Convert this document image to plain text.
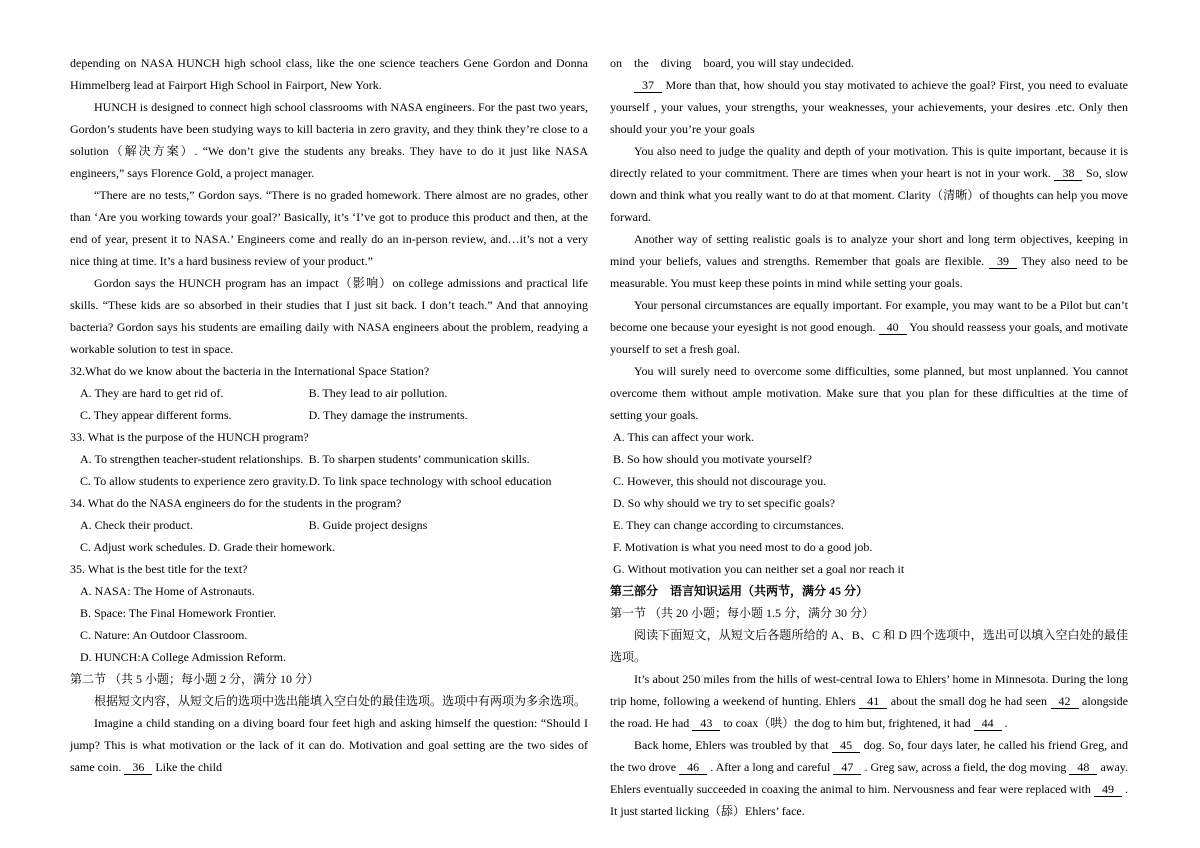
depending on NASA HUNCH high school class, like the one science teachers Gene Gordon and Donna Himmelberg lead at Fairport High School in Fairport, New York.

HUNCH is designed to connect high school classrooms with NASA engineers. For the past two years, Gordon’s students have been studying ways to kill bacteria in zero gravity, and they think they’re close to a solution（解决方案）. “We don’t give the students any breaks. They have to do it just like NASA engineers,” says Florence Gold, a project manager.

“There are no tests,” Gordon says. “There is no graded homework. There almost are no grades, other than ‘Are you working towards your goal?’ Basically, it’s ‘I’ve got to produce this product and then, at the end of year, present it to NASA.’ Engineers come and really do an in-person review, and…it’s not a very nice thing at time. It’s a hard business review of your product.”

Gordon says the HUNCH program has an impact（影响）on college admissions and practical life skills. “These kids are so absorbed in their studies that I just sit back. I don’t teach.” And that annoying bacteria? Gordon says his students are emailing daily with NASA engineers about the problem, readying a workable solution to test in space.

32.What do we know about the bacteria in the International Space Station?

A. They are hard to get rid of.	B. They lead to air pollution.
C. They appear different forms.	D. They damage the instruments.

33. What is the purpose of the HUNCH program?

A. To strengthen teacher-student relationships. B. To sharpen students’ communication skills.
C. To allow students to experience zero gravity. D. To link space technology with school education

34. What do the NASA engineers do for the students in the program?

A. Check their product.	B. Guide project designs

C. Adjust work schedules. D. Grade their homework.

35. What is the best title for the text?

A. NASA: The Home of Astronauts.

B. Space: The Final Homework Frontier.

C. Nature: An Outdoor Classroom.

D. HUNCH:A College Admission Reform.

第二节 （共 5 小题；每小题 2 分，满分 10 分）

根据短文内容，从短文后的选项中选出能填入空白处的最佳选项。选项中有两项为多余选项。

Imagine a child standing on a diving board four feet high and asking himself the question: “Should I jump? This is what motivation or the lack of it can do. Motivation and goal setting are the two sides of same coin. 36 Like the child

on　the　diving　board, you will stay undecided.

37 More than that, how should you stay motivated to achieve the goal? First, you need to evaluate yourself , your values, your strengths, your weaknesses, your achievements, your desires .etc. Only then should your you’re your goals

You also need to judge the quality and depth of your motivation. This is quite important, because it is directly related to your commitment. There are times when your heart is not in your work. 38 So, slow down and think what you really want to do at that moment. Clarity（清晰）of thoughts can help you move forward.

Another way of setting realistic goals is to analyze your short and long term objectives, keeping in mind your beliefs, values and strengths. Remember that goals are flexible. 39 They also need to be measurable. You must keep these points in mind while setting your goals.

Your personal circumstances are equally important. For example, you may want to be a Pilot but can’t become one because your eyesight is not good enough. 40 You should reassess your goals, and motivate yourself to set a fresh goal.

You will surely need to overcome some difficulties, some planned, but most unplanned. You cannot overcome them without ample motivation. Make sure that you plan for these difficulties at the time of setting your goals.

A. This can affect your work.

B. So how should you motivate yourself?

C. However, this should not discourage you.

D. So why should we try to set specific goals?

E. They can change according to circumstances.

F. Motivation is what you need most to do a good job.

G. Without motivation you can neither set a goal nor reach it

第三部分　语言知识运用（共两节，满分 45 分）

第一节 （共 20 小题；每小题 1.5 分，满分 30 分）

阅读下面短文，从短文后各题所给的 A、B、C 和 D 四个选项中，选出可以填入空白处的最佳选项。

It’s about 250 miles from the hills of west-central Iowa to Ehlers’ home in Minnesota. During the long trip home, following a weekend of hunting. Ehlers 41 about the small dog he had seen 42 alongside the road. He had 43 to coax（哄）the dog to him but, frightened, it had 44 .

Back home, Ehlers was troubled by that 45 dog. So, four days later, he called his friend Greg, and the two drove 46 . After a long and careful 47 . Greg saw, across a field, the dog moving 48 away. Ehlers eventually succeeded in coaxing the animal to him. Nervousness and fear were replaced with 49 . It just started licking（舔）Ehlers’ face.
